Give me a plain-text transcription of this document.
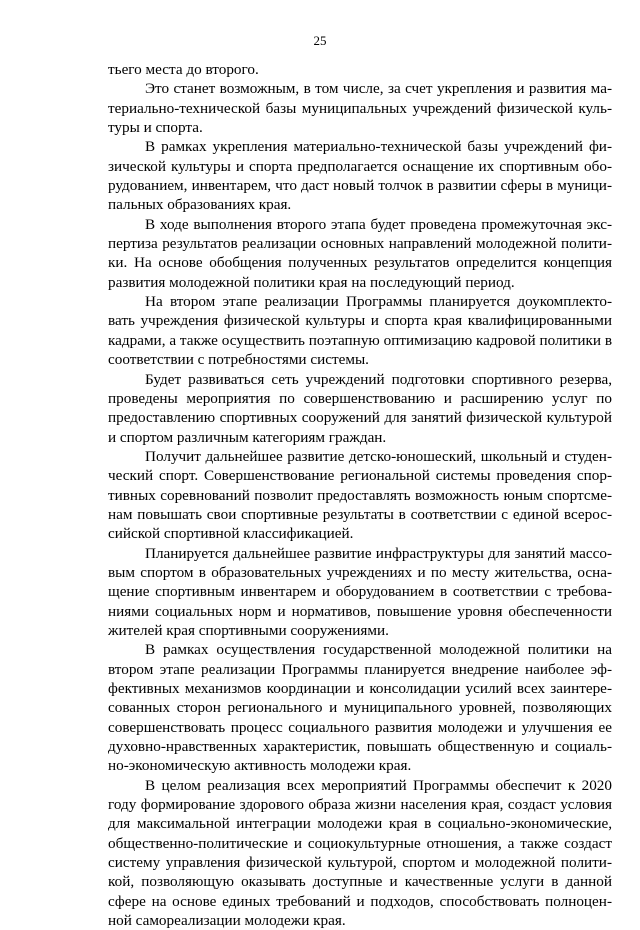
25

тьего места до второго.

Это станет возможным, в том числе, за счет укрепления и развития материально-технической базы муниципальных учреждений физической культуры и спорта.

В рамках укрепления материально-технической базы учреждений физической культуры и спорта предполагается оснащение их спортивным оборудованием, инвентарем, что даст новый толчок в развитии сферы в муниципальных образованиях края.

В ходе выполнения второго этапа будет проведена промежуточная экспертиза результатов реализации основных направлений молодежной политики. На основе обобщения полученных результатов определится концепция развития молодежной политики края на последующий период.

На втором этапе реализации Программы планируется доукомплектовать учреждения физической культуры и спорта края квалифицированными кадрами, а также осуществить поэтапную оптимизацию кадровой политики в соответствии с потребностями системы.

Будет развиваться сеть учреждений подготовки спортивного резерва, проведены мероприятия по совершенствованию и расширению услуг по предоставлению спортивных сооружений для занятий физической культурой и спортом различным категориям граждан.

Получит дальнейшее развитие детско-юношеский, школьный и студенческий спорт. Совершенствование региональной системы проведения спортивных соревнований позволит предоставлять возможность юным спортсменам повышать свои спортивные результаты в соответствии с единой всероссийской спортивной классификацией.

Планируется дальнейшее развитие инфраструктуры для занятий массовым спортом в образовательных учреждениях и по месту жительства, оснащение спортивным инвентарем и оборудованием в соответствии с требованиями социальных норм и нормативов, повышение уровня обеспеченности жителей края спортивными сооружениями.

В рамках осуществления государственной молодежной политики на втором этапе реализации Программы планируется внедрение наиболее эффективных механизмов координации и консолидации усилий всех заинтересованных сторон регионального и муниципального уровней, позволяющих совершенствовать процесс социального развития молодежи и улучшения ее духовно-нравственных характеристик, повышать общественную и социально-экономическую активность молодежи края.

В целом реализация всех мероприятий Программы обеспечит к 2020 году формирование здорового образа жизни населения края, создаст условия для максимальной интеграции молодежи края в социально-экономические, общественно-политические и социокультурные отношения, а также создаст систему управления физической культурой, спортом и молодежной политикой, позволяющую оказывать доступные и качественные услуги в данной сфере на основе единых требований и подходов, способствовать полноценной самореализации молодежи края.
